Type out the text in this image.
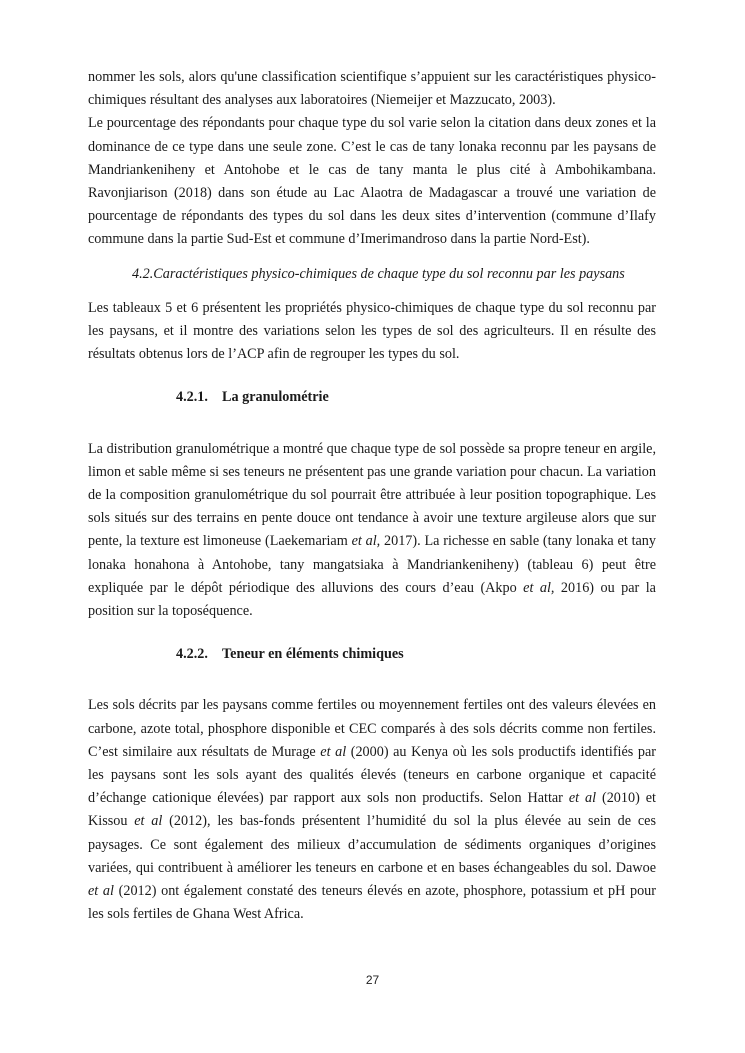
nommer les sols, alors qu'une classification scientifique s’appuient sur les caractéristiques physico-chimiques résultant des analyses aux laboratoires (Niemeijer et Mazzucato, 2003).

Le pourcentage des répondants pour chaque type du sol varie selon la citation dans deux zones et la dominance de ce type dans une seule zone. C’est le cas de tany lonaka reconnu par les paysans de Mandriankeniheny et Antohobe et le cas de tany manta le plus cité à Ambohikambana. Ravonjiarison (2018) dans son étude au Lac Alaotra de Madagascar a trouvé une variation de pourcentage de répondants des types du sol dans les deux sites d’intervention (commune d’Ilafy commune dans la partie Sud-Est et commune d’Imerimandroso dans la partie Nord-Est).

4.2.Caractéristiques physico-chimiques de chaque type du sol reconnu par les paysans

Les tableaux 5 et 6 présentent les propriétés physico-chimiques de chaque type du sol reconnu par les paysans, et il montre des variations selon les types de sol des agriculteurs. Il en résulte des résultats obtenus lors de l’ACP afin de regrouper les types du sol.

4.2.1. La granulométrie

La distribution granulométrique a montré que chaque type de sol possède sa propre teneur en argile, limon et sable même si ses teneurs ne présentent pas une grande variation pour chacun. La variation de la composition granulométrique du sol pourrait être attribuée à leur position topographique. Les sols situés sur des terrains en pente douce ont tendance à avoir une texture argileuse alors que sur pente, la texture est limoneuse (Laekemariam et al, 2017). La richesse en sable (tany lonaka et tany lonaka honahona à Antohobe, tany mangatsiaka à Mandriankeniheny) (tableau 6) peut être expliquée par le dépôt périodique des alluvions des cours d’eau (Akpo et al, 2016) ou par la position sur la toposéquence.

4.2.2. Teneur en éléments chimiques

Les sols décrits par les paysans comme fertiles ou moyennement fertiles ont des valeurs élevées en carbone, azote total, phosphore disponible et CEC comparés à des sols décrits comme non fertiles. C’est similaire aux résultats de Murage et al (2000) au Kenya où les sols productifs identifiés par les paysans sont les sols ayant des qualités élevés (teneurs en carbone organique et capacité d’échange cationique élevées) par rapport aux sols non productifs. Selon Hattar et al (2010) et Kissou et al (2012), les bas-fonds présentent l’humidité du sol la plus élevée au sein de ces paysages. Ce sont également des milieux d’accumulation de sédiments organiques d’origines variées, qui contribuent à améliorer les teneurs en carbone et en bases échangeables du sol. Dawoe et al (2012) ont également constaté des teneurs élevés en azote, phosphore, potassium et pH pour les sols fertiles de Ghana West Africa.

27
